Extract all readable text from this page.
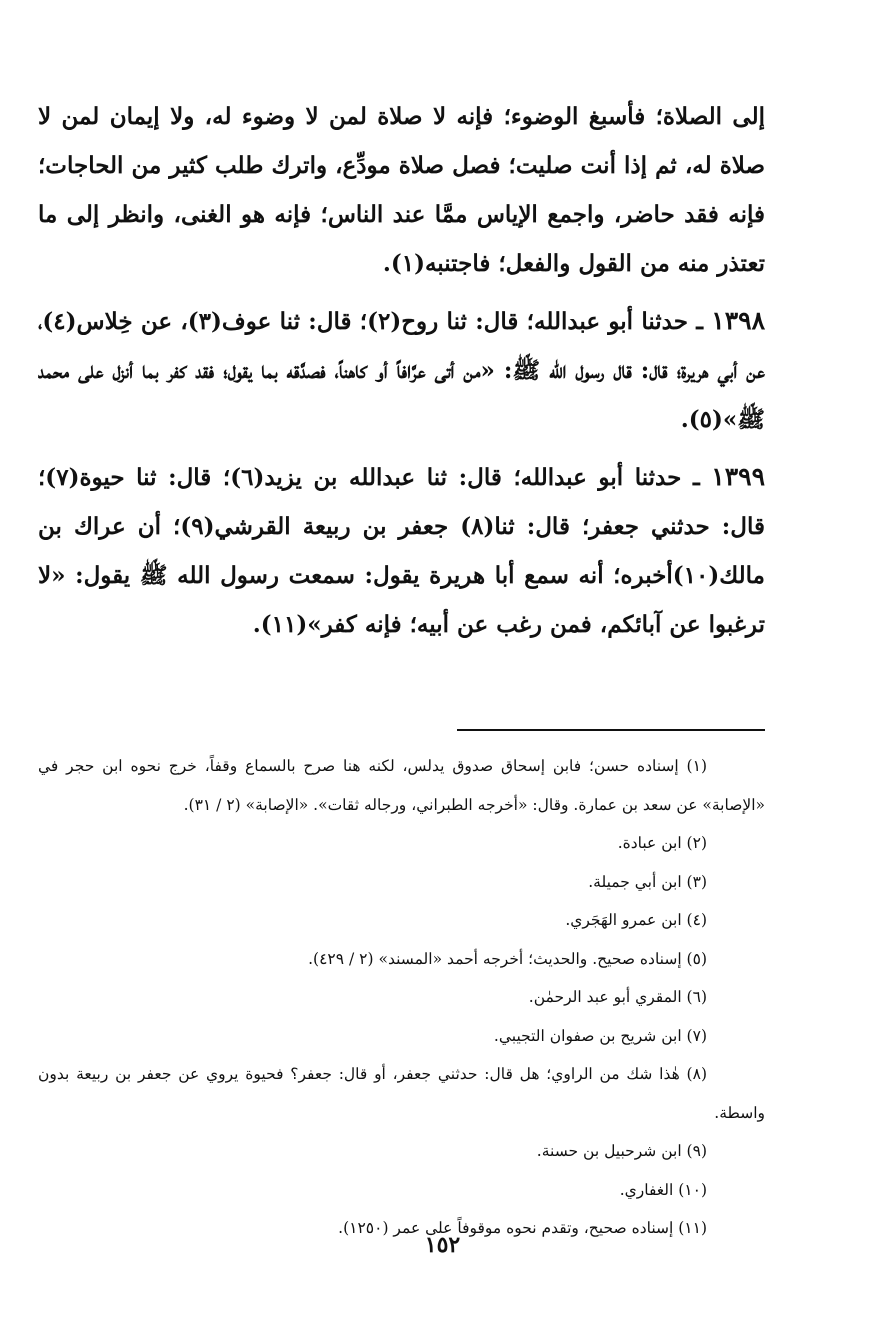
إلى الصلاة؛ فأسبغ الوضوء؛ فإنه لا صلاة لمن لا وضوء له، ولا إيمان لمن لا صلاة له، ثم إذا أنت صليت؛ فصل صلاة مودِّع، واترك طلب كثير من الحاجات؛ فإنه فقد حاضر، واجمع الإياس ممَّا عند الناس؛ فإنه هو الغنى، وانظر إلى ما تعتذر منه من القول والفعل؛ فاجتنبه(١).

١٣٩٨ ـ حدثنا أبو عبدالله؛ قال: ثنا روح(٢)؛ قال: ثنا عوف(٣)، عن خِلاس(٤)، عن أبي هريرة؛ قال: قال رسول الله ﷺ: «من أتى عرَّافاً أو كاهناً، فصدَّقه بما يقول؛ فقد كفر بما أنزل على محمد ﷺ»(٥).

١٣٩٩ ـ حدثنا أبو عبدالله؛ قال: ثنا عبدالله بن يزيد(٦)؛ قال: ثنا حيوة(٧)؛ قال: حدثني جعفر؛ قال: ثنا(٨) جعفر بن ربيعة القرشي(٩)؛ أن عراك بن مالك(١٠)أخبره؛ أنه سمع أبا هريرة يقول: سمعت رسول الله ﷺ يقول: «لا ترغبوا عن آبائكم، فمن رغب عن أبيه؛ فإنه كفر»(١١).

(١) إسناده حسن؛ فابن إسحاق صدوق يدلس، لكنه هنا صرح بالسماع وقفاً، خرج نحوه ابن حجر في «الإصابة» عن سعد بن عمارة. وقال: «أخرجه الطبراني، ورجاله ثقات». «الإصابة» (٢ / ٣١).

(٢) ابن عبادة.

(٣) ابن أبي جميلة.

(٤) ابن عمرو الهَجَري.

(٥) إسناده صحيح. والحديث؛ أخرجه أحمد «المسند» (٢ / ٤٢٩).

(٦) المقري أبو عبد الرحمٰن.

(٧) ابن شريح بن صفوان التجيبي.

(٨) هٰذا شك من الراوي؛ هل قال: حدثني جعفر، أو قال: جعفر؟ فحيوة يروي عن جعفر بن ربيعة بدون واسطة.

(٩) ابن شرحبيل بن حسنة.

(١٠) الغفاري.

(١١) إسناده صحيح، وتقدم نحوه موقوفاً على عمر (١٢٥٠).

١٥٢
